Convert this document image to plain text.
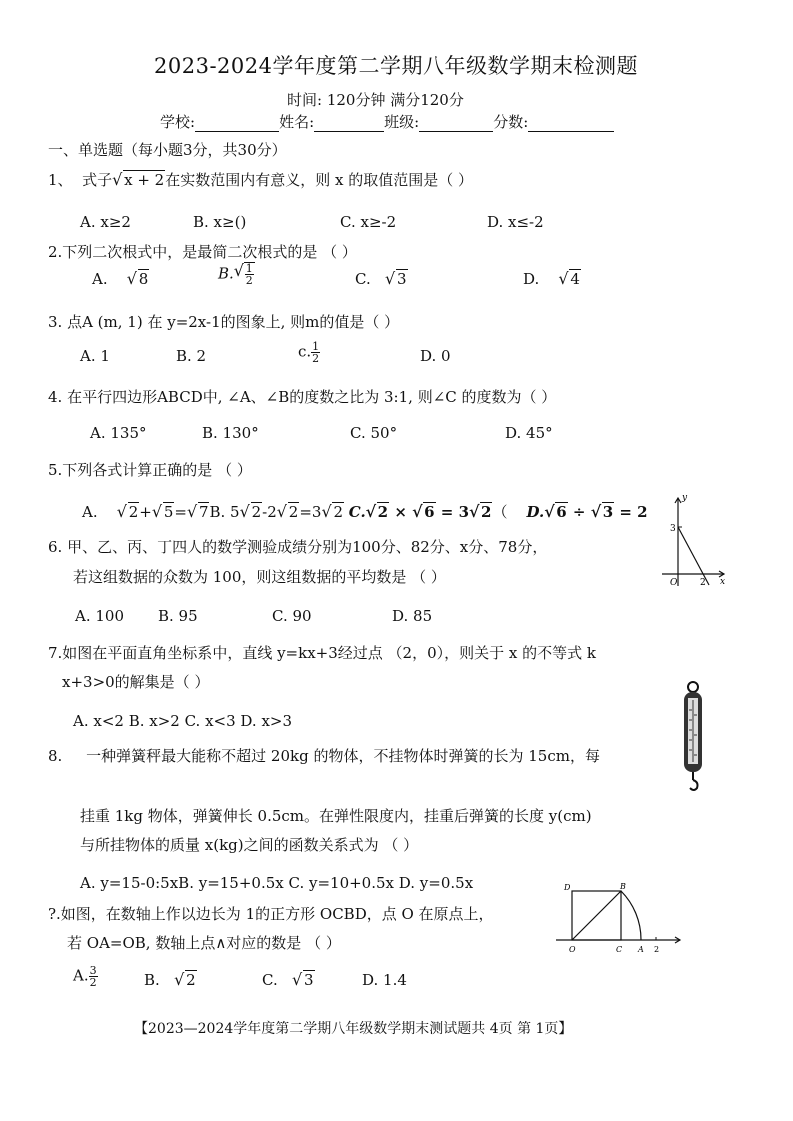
2023-2024学年度第二学期八年级数学期末检测题
时间: 120分钟 满分120分
学校:	姓名:	班级:	分数:
一、单选题（每小题3分，共30分）
1、 式子 √ x + 2在实数范围内有意义，则 x 的取值范围是（ ）
A. x≥2	B. x≥()	C. x≥-2	D. x≤-2
2.下列二次根式中，是最简二次根式的是 （ ）
A. √ 8	B. √ $\frac{1}{2}$	C. √ 3	D. √ 4
3. 点A (m, 1) 在 y=2x-1的图象上, 则m的值是（ ）
A. 1	B. 2	c. $\frac{1}{2}$	D. 0
4. 在平行四边形ABCD中, ∠A、∠B的度数之比为 3:1, 则∠C 的度数为（ ）
A. 135°	B. 130°	C. 50°	D. 45°
5.下列各式计算正确的是 （ ）
A. √ 2+ √ 5= √ 7B. 5 √ 2-2 √ 2=3 √ 2 C. √ 2 × √ 6 = 3 √ 2（ D. √ 6 ÷ √ 3 = 2
y
x
O
3
2
6. 甲、乙、丙、丁四人的数学测验成绩分别为100分、82分、x分、78分，
若这组数据的众数为 100，则这组数据的平均数是 （ ）
A. 100 B. 95	C. 90	D. 85
7.如图在平面直角坐标系中，直线 y=kx+3经过点 （2，0），则关于 x 的不等式 k
x+3>0的解集是（ ）
A. x<2 B. x>2 C. x<3 D. x>3
8. 一种弹簧秤最大能称不超过 20kg 的物体，不挂物体时弹簧的长为 15cm，每
挂重 1kg 物体，弹簧伸长 0.5cm。在弹性限度内，挂重后弹簧的长度 y(cm)
与所挂物体的质量 x(kg)之间的函数关系式为 （ ）
A. y=15-0:5xB. y=15+0.5x C. y=10+0.5x D. y=0.5x	D	B
O	C A 2
?.如图，在数轴上作以边长为 1的正方形 OCBD，点 O 在原点上，
若 OA=OB, 数轴上点∧对应的数是 （ ）
A. $\frac{3}{2}$	B. √ 2	C. √ 3	D. 1.4
【2023—2024学年度第二学期八年级数学期末测试题共 4页 第 1页】
